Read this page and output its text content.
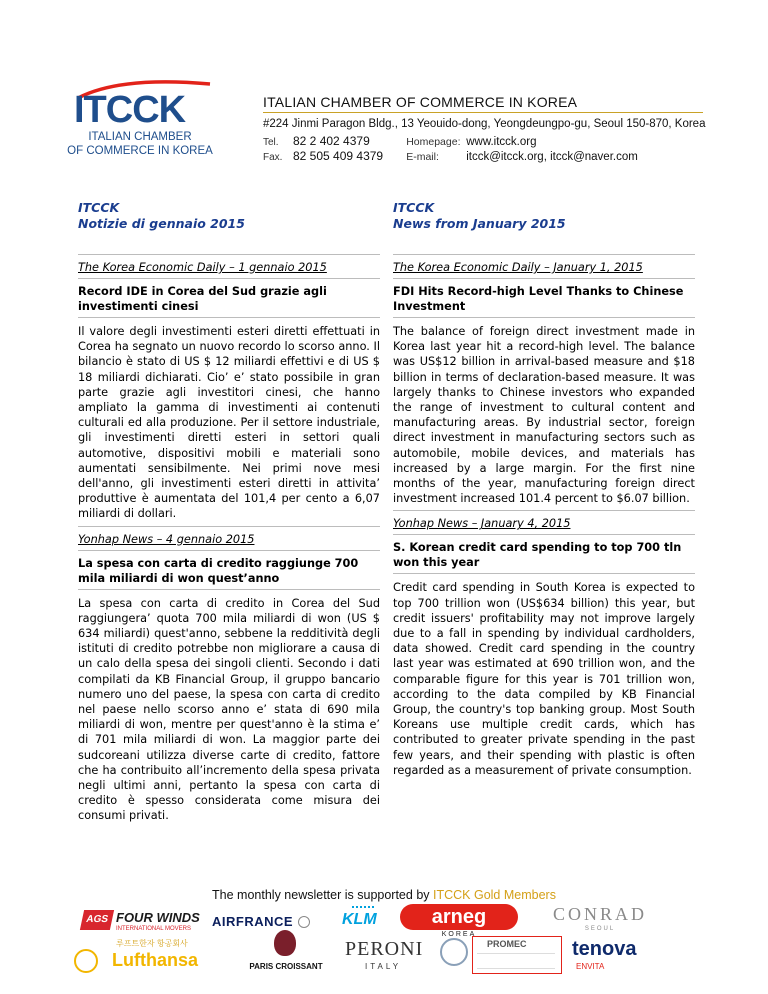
ITCCK
ITALIAN CHAMBER
OF COMMERCE IN KOREA
ITALIAN CHAMBER OF COMMERCE IN KOREA
#224 Jinmi Paragon Bldg., 13 Yeouido-dong, Yeongdeungpo-gu, Seoul 150-870, Korea
Tel. 82 2 402 4379	Homepage: www.itcck.org
Fax. 82 505 409 4379 E-mail: itcck@itcck.org, itcck@naver.com

ITCCK

Notizie di gennaio 2015

The Korea Economic Daily – 1 gennaio 2015

Record IDE in Corea del Sud grazie agli investimenti cinesi

Il valore degli investimenti esteri diretti effettuati in Corea ha segnato un nuovo recordo lo scorso anno. Il bilancio è stato di US $ 12 miliardi effettivi e di US $ 18 miliardi dichiarati. Cio’ e’ stato possibile in gran parte grazie agli investitori cinesi, che hanno ampliato la gamma di investimenti ai contenuti culturali ed alla produzione. Per il settore industriale, gli investimenti diretti esteri in settori quali automotive, dispositivi mobili e materiali sono aumentati sensibilmente. Nei primi nove mesi dell'anno, gli investimenti esteri diretti in attivita’ produttive è aumentata del 101,4 per cento a 6,07 miliardi di dollari.

Yonhap News – 4 gennaio 2015

La spesa con carta di credito raggiunge 700 mila miliardi di won quest’anno

La spesa con carta di credito in Corea del Sud raggiungera’ quota 700 mila miliardi di won (US $ 634 miliardi) quest'anno, sebbene la redditività degli istituti di credito potrebbe non migliorare a causa di un calo della spesa dei singoli clienti. Secondo i dati compilati da KB Financial Group, il gruppo bancario numero uno del paese, la spesa con carta di credito nel paese nello scorso anno e’ stata di 690 mila miliardi di won, mentre per quest'anno è la stima e’ di 701 mila miliardi di won. La maggior parte dei sudcoreani utilizza diverse carte di credito, fattore che ha contribuito all’incremento della spesa privata negli ultimi anni, pertanto la spesa con carta di credito è spesso considerata come misura dei consumi privati.

ITCCK

News from January 2015

The Korea Economic Daily – January 1, 2015

FDI Hits Record-high Level Thanks to Chinese Investment

The balance of foreign direct investment made in Korea last year hit a record-high level. The balance was US$12 billion in arrival-based measure and $18 billion in terms of declaration-based measure. It was largely thanks to Chinese investors who expanded the range of investment to cultural content and manufacturing areas. By industrial sector, foreign direct investment in manufacturing sectors such as automobile, mobile devices, and materials has increased by a large margin. For the first nine months of the year, manufacturing foreign direct investment increased 101.4 percent to $6.07 billion.

Yonhap News – January 4, 2015

S. Korean credit card spending to top 700 tln won this year

Credit card spending in South Korea is expected to top 700 trillion won (US$634 billion) this year, but credit issuers' profitability may not improve largely due to a fall in spending by individual cardholders, data showed. Credit card spending in the country last year was estimated at 690 trillion won, and the comparable figure for this year is 701 trillion won, according to the data compiled by KB Financial Group, the country's top banking group. Most South Koreans use multiple credit cards, which has contributed to greater private spending in the past few years, and their spending with plastic is often regarded as a measurement of private consumption.

The monthly newsletter is supported by ITCCK Gold Members
AGS FOUR WINDS
INTERNATIONAL MOVERS AIRFRANCE	KLM	arneg
KOREA
CONRAD
SEOUL
루프트한자 항공회사
Lufthansa	PARIS CROISSANT
PERONI
ITALY
PROMEC tenova
ENVITA
